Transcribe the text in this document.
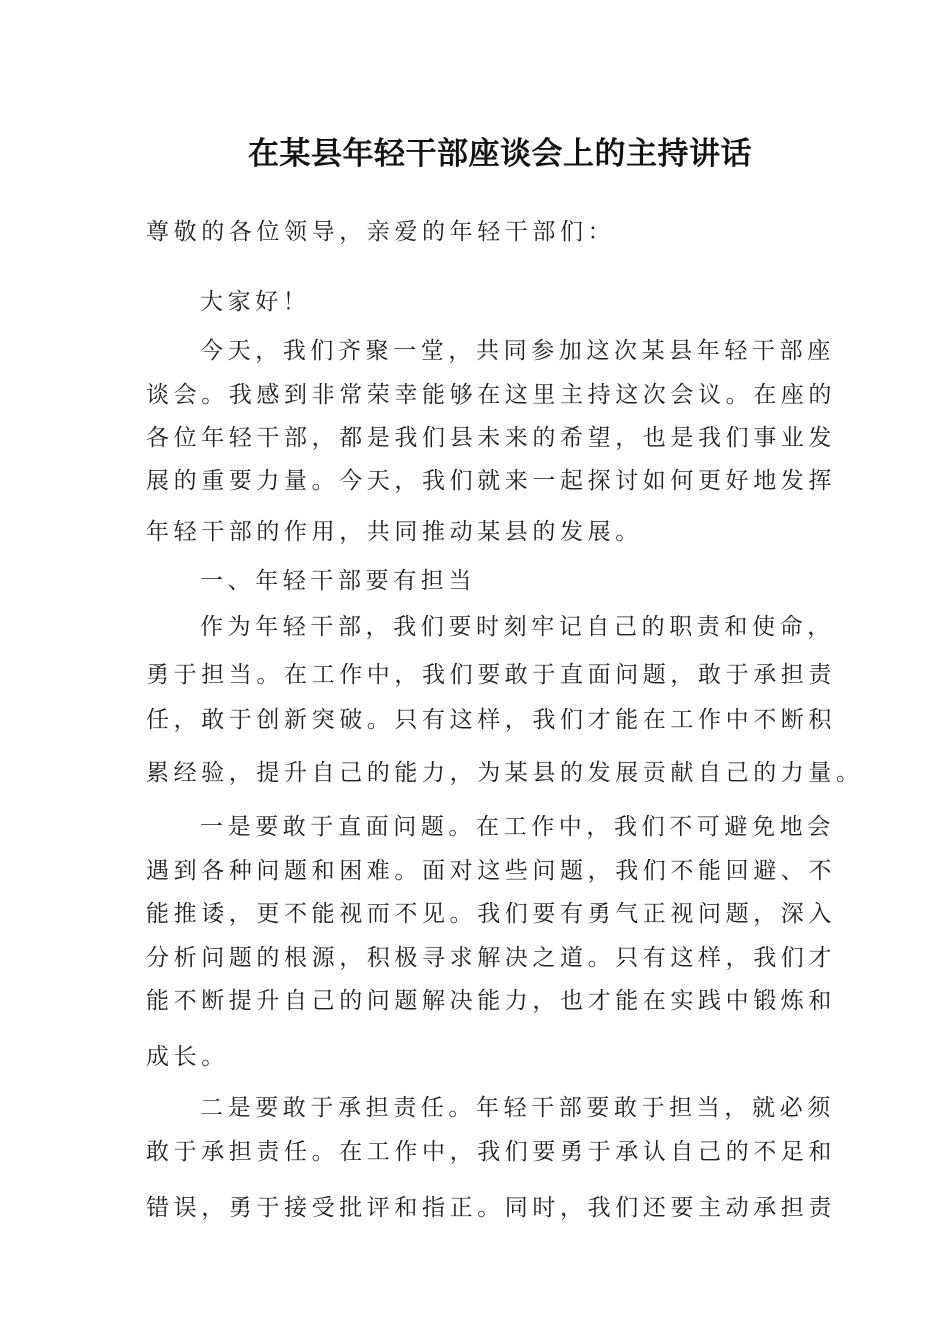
在某县年轻干部座谈会上的主持讲话
尊敬的各位领导，亲爱的年轻干部们：
大家好！
今天，我们齐聚一堂，共同参加这次某县年轻干部座
谈会。我感到非常荣幸能够在这里主持这次会议。在座的
各位年轻干部，都是我们县未来的希望，也是我们事业发
展的重要力量。今天，我们就来一起探讨如何更好地发挥
年轻干部的作用，共同推动某县的发展。
一、年轻干部要有担当
作为年轻干部，我们要时刻牢记自己的职责和使命，
勇于担当。在工作中，我们要敢于直面问题，敢于承担责
任，敢于创新突破。只有这样，我们才能在工作中不断积
累经验，提升自己的能力，为某县的发展贡献自己的力量。
一是要敢于直面问题。在工作中，我们不可避免地会
遇到各种问题和困难。面对这些问题，我们不能回避、不
能推诿，更不能视而不见。我们要有勇气正视问题，深入
分析问题的根源，积极寻求解决之道。只有这样，我们才
能不断提升自己的问题解决能力，也才能在实践中锻炼和
成长。
二是要敢于承担责任。年轻干部要敢于担当，就必须
敢于承担责任。在工作中，我们要勇于承认自己的不足和
错误，勇于接受批评和指正。同时，我们还要主动承担责
